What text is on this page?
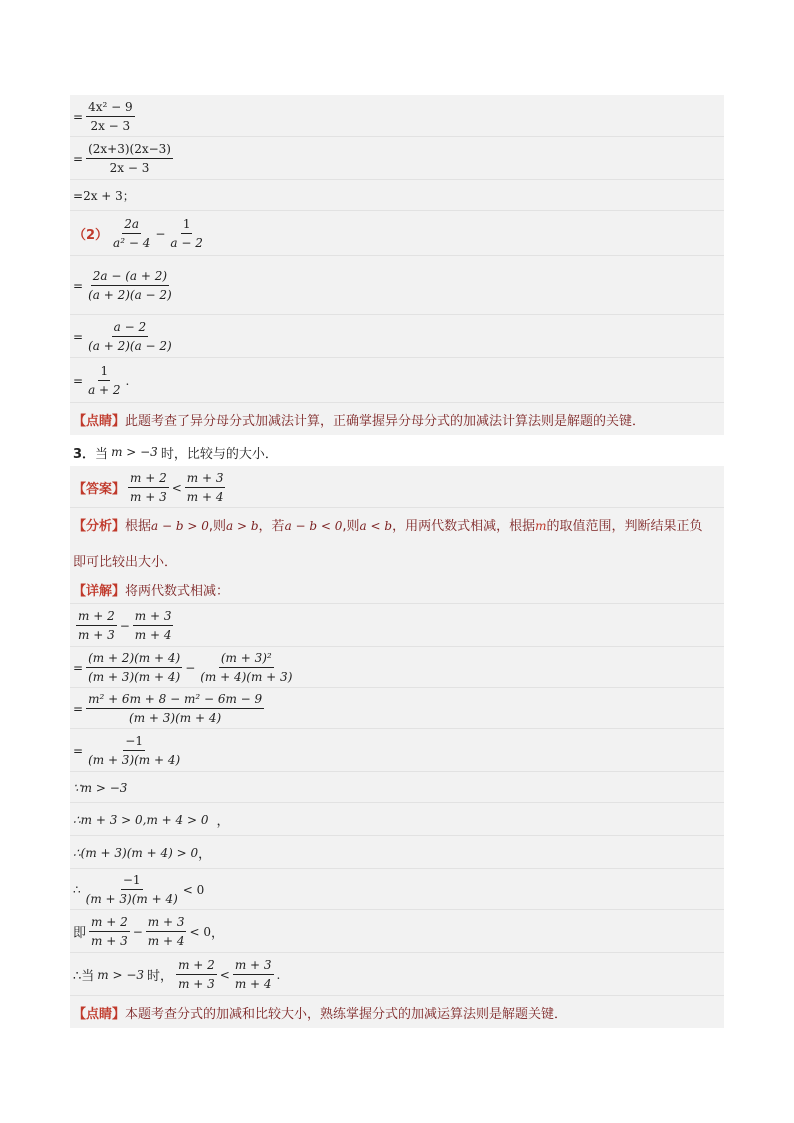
= $\frac{\text{4x² − 9}}{2x - 3}$
= $\frac{(2x+3)(2x-3)}{2x - 3}$
= 2x + 3；
（2）
2a
a² − 4
− $\frac{1}{a - 2}$
= $\frac{2a - (a + 2)}{(a + 2)(a - 2)}$
= $\frac{a - 2}{(a + 2)(a - 2)}$
= $\frac{1}{a + 2}$ .
【点睛】 此题考查了异分母分式加减法计算，正确掌握异分母分式的加减法计算法则是解题的关键．
3． 当 m > −3 时，比较与的大小．
【答案】
m + 2
m + 3
<
m + 3
m + 4
【分析】根据a − b > 0,则a > b，若a − b < 0,则a < b，用两代数式相减，根据m的取值范围，判断结果正负
即可比较出大小．
【详解】 将两代数式相减：
m + 2
m + 3
− $\frac{m + 3}{m + 4}$
= $\frac{(m + 2)(m + 4)}{(m + 3)(m + 4)} - \frac{\text{(m + 3)²}}{(m + 4)(m + 3)}$
= $\frac{\text{m² + 6m + 8 − m² − 6m − 9}}{(m + 3)(m + 4)}$
= $\frac{-1}{(m + 3)(m + 4)}$
∵m > −3
∴m + 3 > 0,m + 4 > 0 ，
∴(m + 3)(m + 4) > 0 ，
∴
−1
(m + 3)(m + 4)
< 0
即
m + 2
m + 3
− $\frac{m + 3}{m + 4} < 0$ ，
∴当 m > −3 时，
m + 2
m + 3
<
m + 3
m + 4
.
【点睛】 本题考查分式的加减和比较大小，熟练掌握分式的加减运算法则是解题关键．
